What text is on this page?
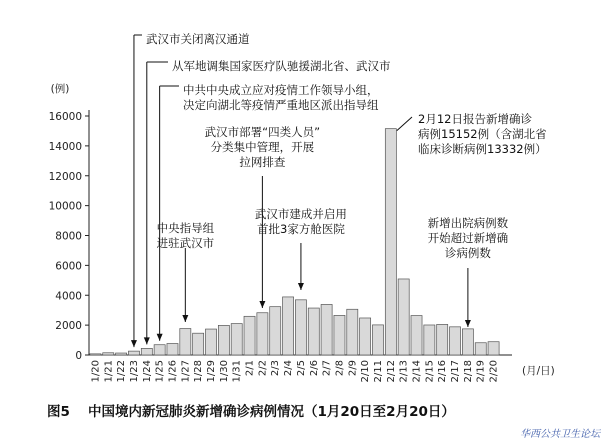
0
2000
4000
6000
8000
10000
12000
14000
16000
1/20 1/21 1/22 1/23 1/24 1/25 1/26 1/27 1/28 1/29 1/30 1/31 2/1 2/2 2/3 2/4 2/5 2/6 2/7 2/8 2/9 2/10 2/11 2/12 2/13 2/14 2/15 2/16 2/17 2/18 2/19 2/20
武汉市关闭离汉通道
从军地调集国家医疗队驰援湖北省、武汉市
中共中央成立应对疫情工作领导小组，
决定向湖北等疫情严重地区派出指导组
中央指导组
进驻武汉市
武汉市部署“四类人员”
分类集中管理，开展
拉网排查
武汉市建成并启用
首批3家方舱医院
2月12日报告新增确诊
病例15152例（含湖北省
临床诊断病例13332例）
新增出院病例数
开始超过新增确
诊病例数
(例)
(月/日)
图5 中国境内新冠肺炎新增确诊病例情况（1月20日至2月20日）
华西公共卫生论坛
